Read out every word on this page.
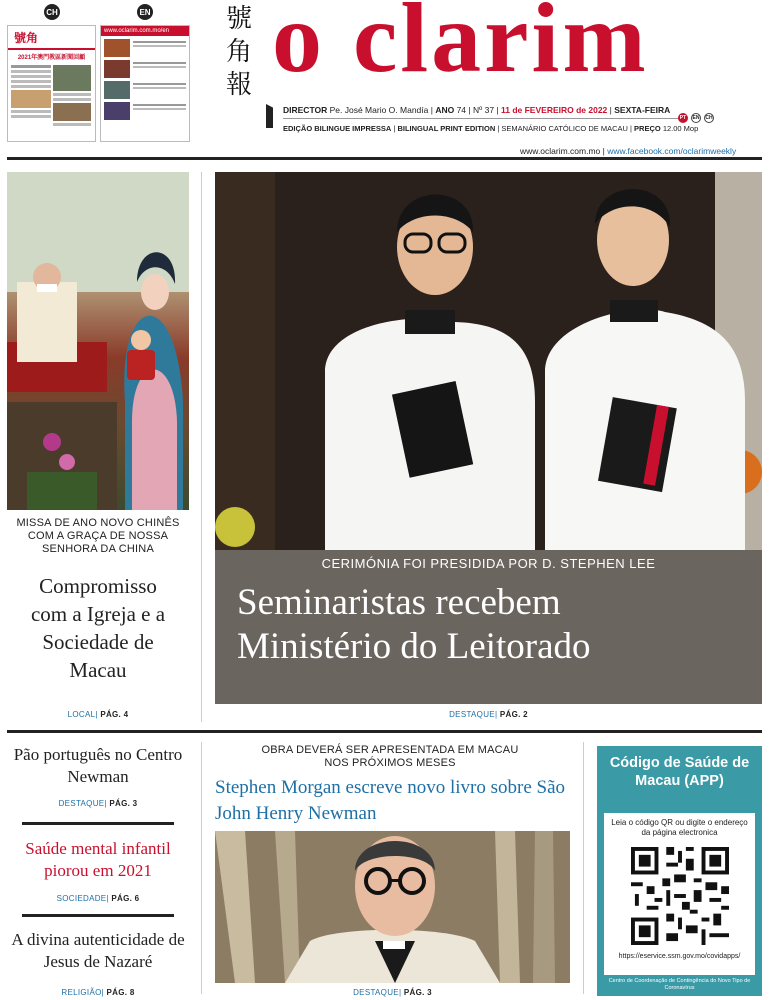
CH	EN
號角
2021年澳門教區新聞回顧
www.oclarim.com.mo/en	號
角
報 o clarim
DIRECTOR Pe. José Mario O. Mandía | ANO 74 | Nº 37 | 11 de FEVEREIRO de 2022 | SEXTA-FEIRA
EDIÇÃO BILINGUE IMPRESSA | BILINGUAL PRINT EDITION | SEMANÁRIO CATÓLICO DE MACAU | PREÇO 12.00 Mop
PT	EN	CH
www.oclarim.com.mo | www.facebook.com/oclarimweekly
MISSA DE ANO NOVO CHINÊS COM A GRAÇA DE NOSSA SENHORA DA CHINA
Compromisso com a Igreja e a Sociedade de Macau
LOCAL| PÁG. 4
CERIMÓNIA FOI PRESIDIDA POR D. STEPHEN LEE
Seminaristas recebem
Ministério do Leitorado
DESTAQUE| PÁG. 2
Pão português no Centro Newman
DESTAQUE| PÁG. 3
Saúde mental infantil piorou em 2021
SOCIEDADE| PÁG. 6
A divina autenticidade de Jesus de Nazaré
RELIGIÃO| PÁG. 8
OBRA DEVERÁ SER APRESENTADA EM MACAU NOS PRÓXIMOS MESES
Stephen Morgan escreve novo livro sobre São John Henry Newman
DESTAQUE| PÁG. 3
Código de Saúde de Macau (APP)
Leia o código QR ou digite o endereço da página electronica
https://eservice.ssm.gov.mo/covidapps/
Centro de Coordenação de Contingência do Novo Tipo de Coronavírus
